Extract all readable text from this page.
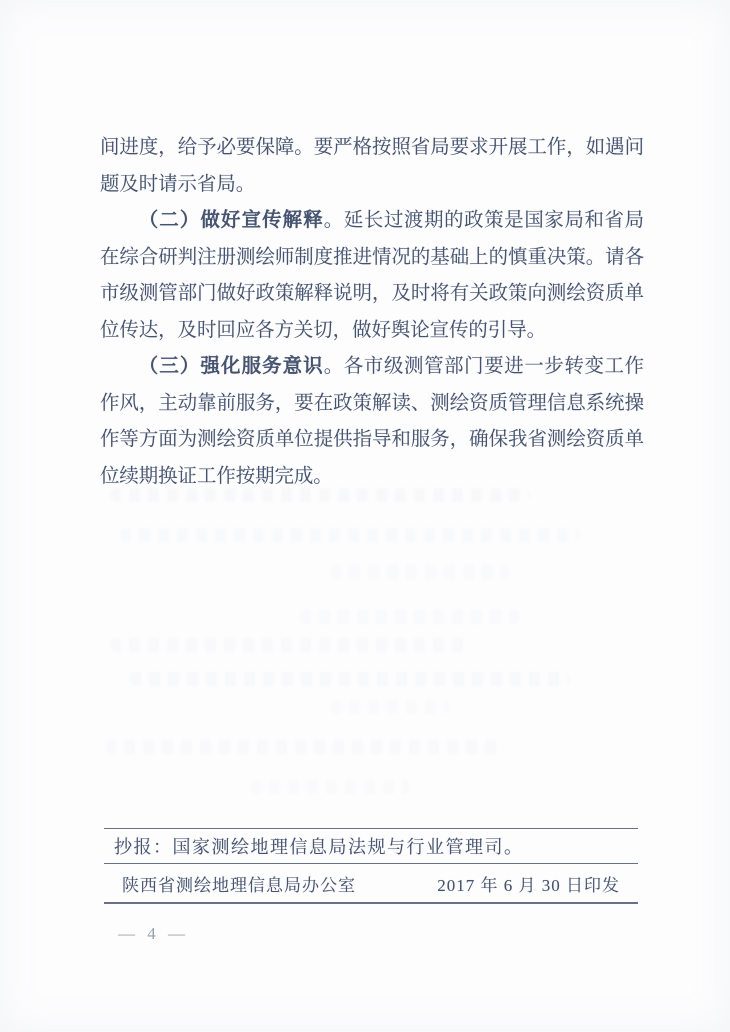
间进度，给予必要保障。要严格按照省局要求开展工作，如遇问题及时请示省局。

（二）做好宣传解释。延长过渡期的政策是国家局和省局在综合研判注册测绘师制度推进情况的基础上的慎重决策。请各市级测管部门做好政策解释说明，及时将有关政策向测绘资质单位传达，及时回应各方关切，做好舆论宣传的引导。

（三）强化服务意识。各市级测管部门要进一步转变工作作风，主动靠前服务，要在政策解读、测绘资质管理信息系统操作等方面为测绘资质单位提供指导和服务，确保我省测绘资质单位续期换证工作按期完成。

抄报：国家测绘地理信息局法规与行业管理司。
陕西省测绘地理信息局办公室	2017 年 6 月 30 日印发
— 4 —
